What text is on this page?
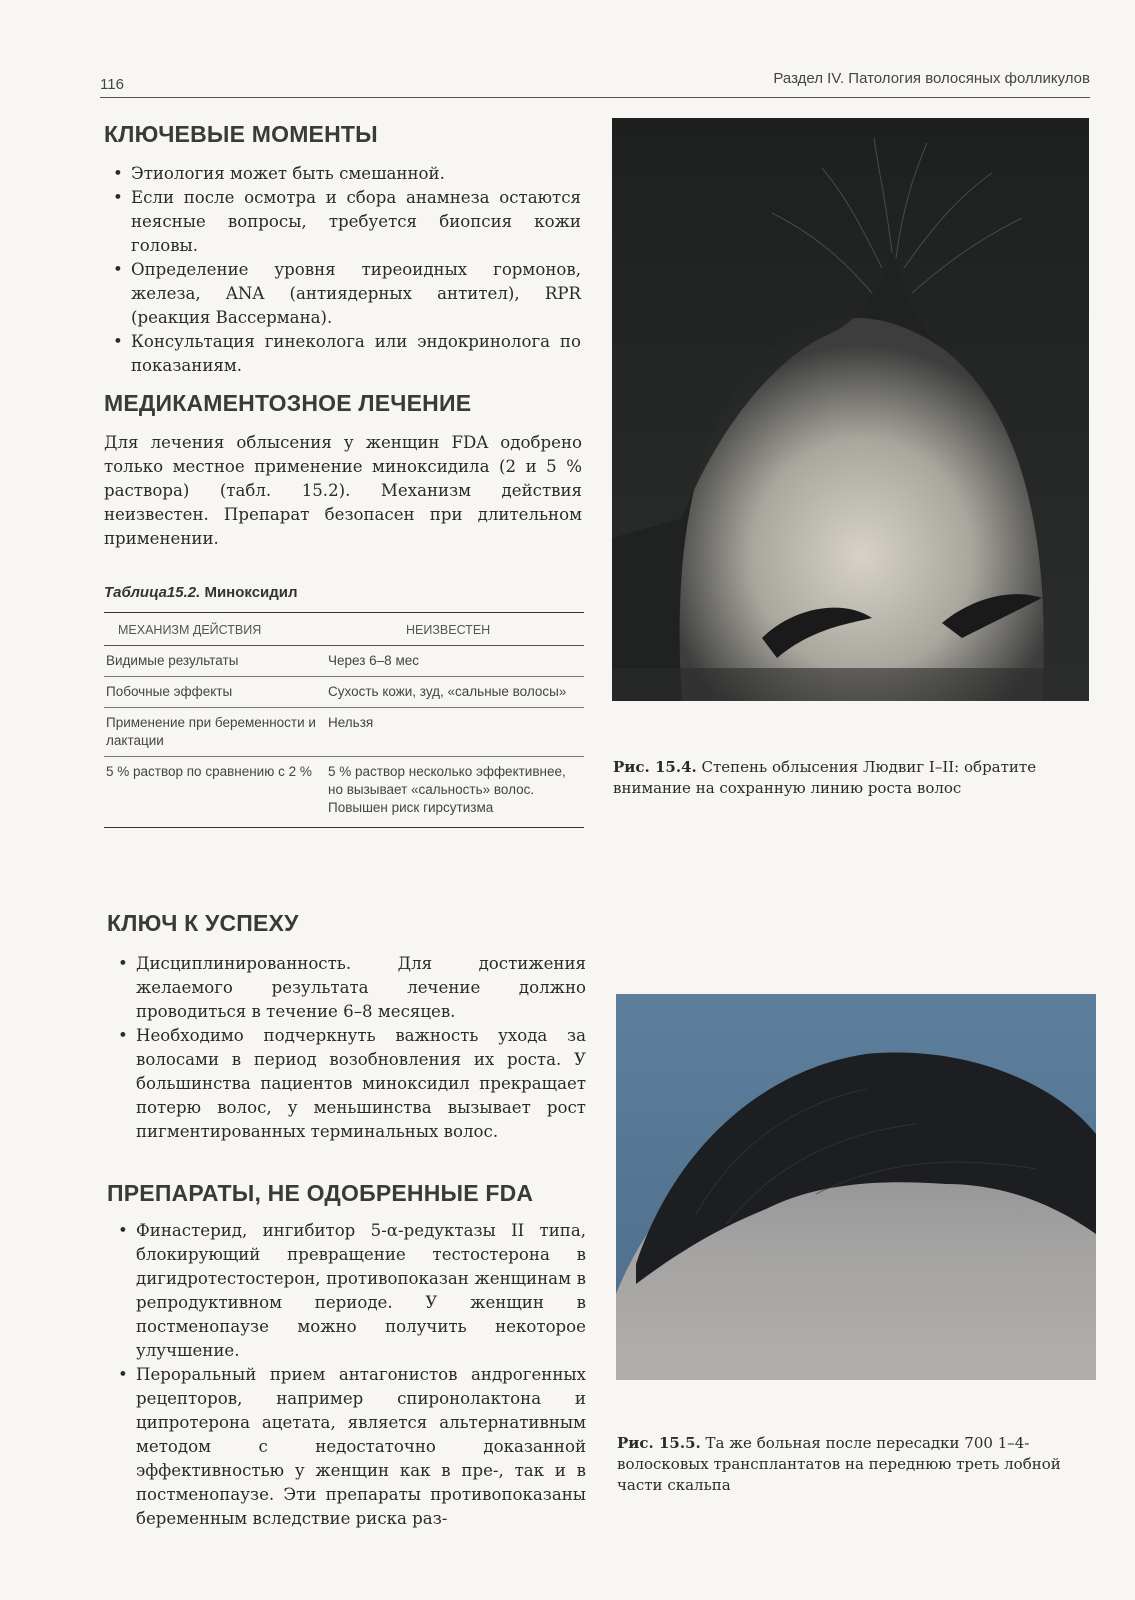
116	Раздел IV. Патология волосяных фолликулов
КЛЮЧЕВЫЕ МОМЕНТЫ
• Этиология может быть смешанной.
• Если после осмотра и сбора анамнеза остаются неясные вопросы, требуется биопсия кожи головы.
• Определение уровня тиреоидных гормонов, железа, ANA (антиядерных антител), RPR (реакция Вассермана).
• Консультация гинеколога или эндокринолога по показаниям.
МЕДИКАМЕНТОЗНОЕ ЛЕЧЕНИЕ

Для лечения облысения у женщин FDA одобрено только местное применение миноксидила (2 и 5 % раствора) (табл. 15.2). Механизм действия неизвестен. Препарат безопасен при длительном применении.

Таблица15.2. Миноксидил
МЕХАНИЗМ ДЕЙСТВИЯ	НЕИЗВЕСТЕН
Видимые результаты	Через 6–8 мес
Побочные эффекты	Сухость кожи, зуд, «сальные волосы»
Применение при беременности и лактации	Нельзя
5 % раствор по сравнению с 2 %	5 % раствор несколько эффективнее, но вызывает «сальность» волос. Повышен риск гирсутизма
КЛЮЧ К УСПЕХУ
• Дисциплинированность. Для достижения желаемого результата лечение должно проводиться в течение 6–8 месяцев.
• Необходимо подчеркнуть важность ухода за волосами в период возобновления их роста. У большинства пациентов миноксидил прекращает потерю волос, у меньшинства вызывает рост пигментированных терминальных волос.
ПРЕПАРАТЫ, НЕ ОДОБРЕННЫЕ FDA
• Финастерид, ингибитор 5-α-редуктазы II типа, блокирующий превращение тестостерона в дигидротестостерон, противопоказан женщинам в репродуктивном периоде. У женщин в постменопаузе можно получить некоторое улучшение.
• Пероральный прием антагонистов андрогенных рецепторов, например спиронолактона и ципротерона ацетата, является альтернативным методом с недостаточно доказанной эффективностью у женщин как в пре-, так и в постменопаузе. Эти препараты противопоказаны беременным вследствие риска раз-

Рис. 15.4. Степень облысения Людвиг I–II: обратите внимание на сохранную линию роста волос

Рис. 15.5. Та же больная после пересадки 700 1–4-волосковых трансплантатов на переднюю треть лобной части скальпа
